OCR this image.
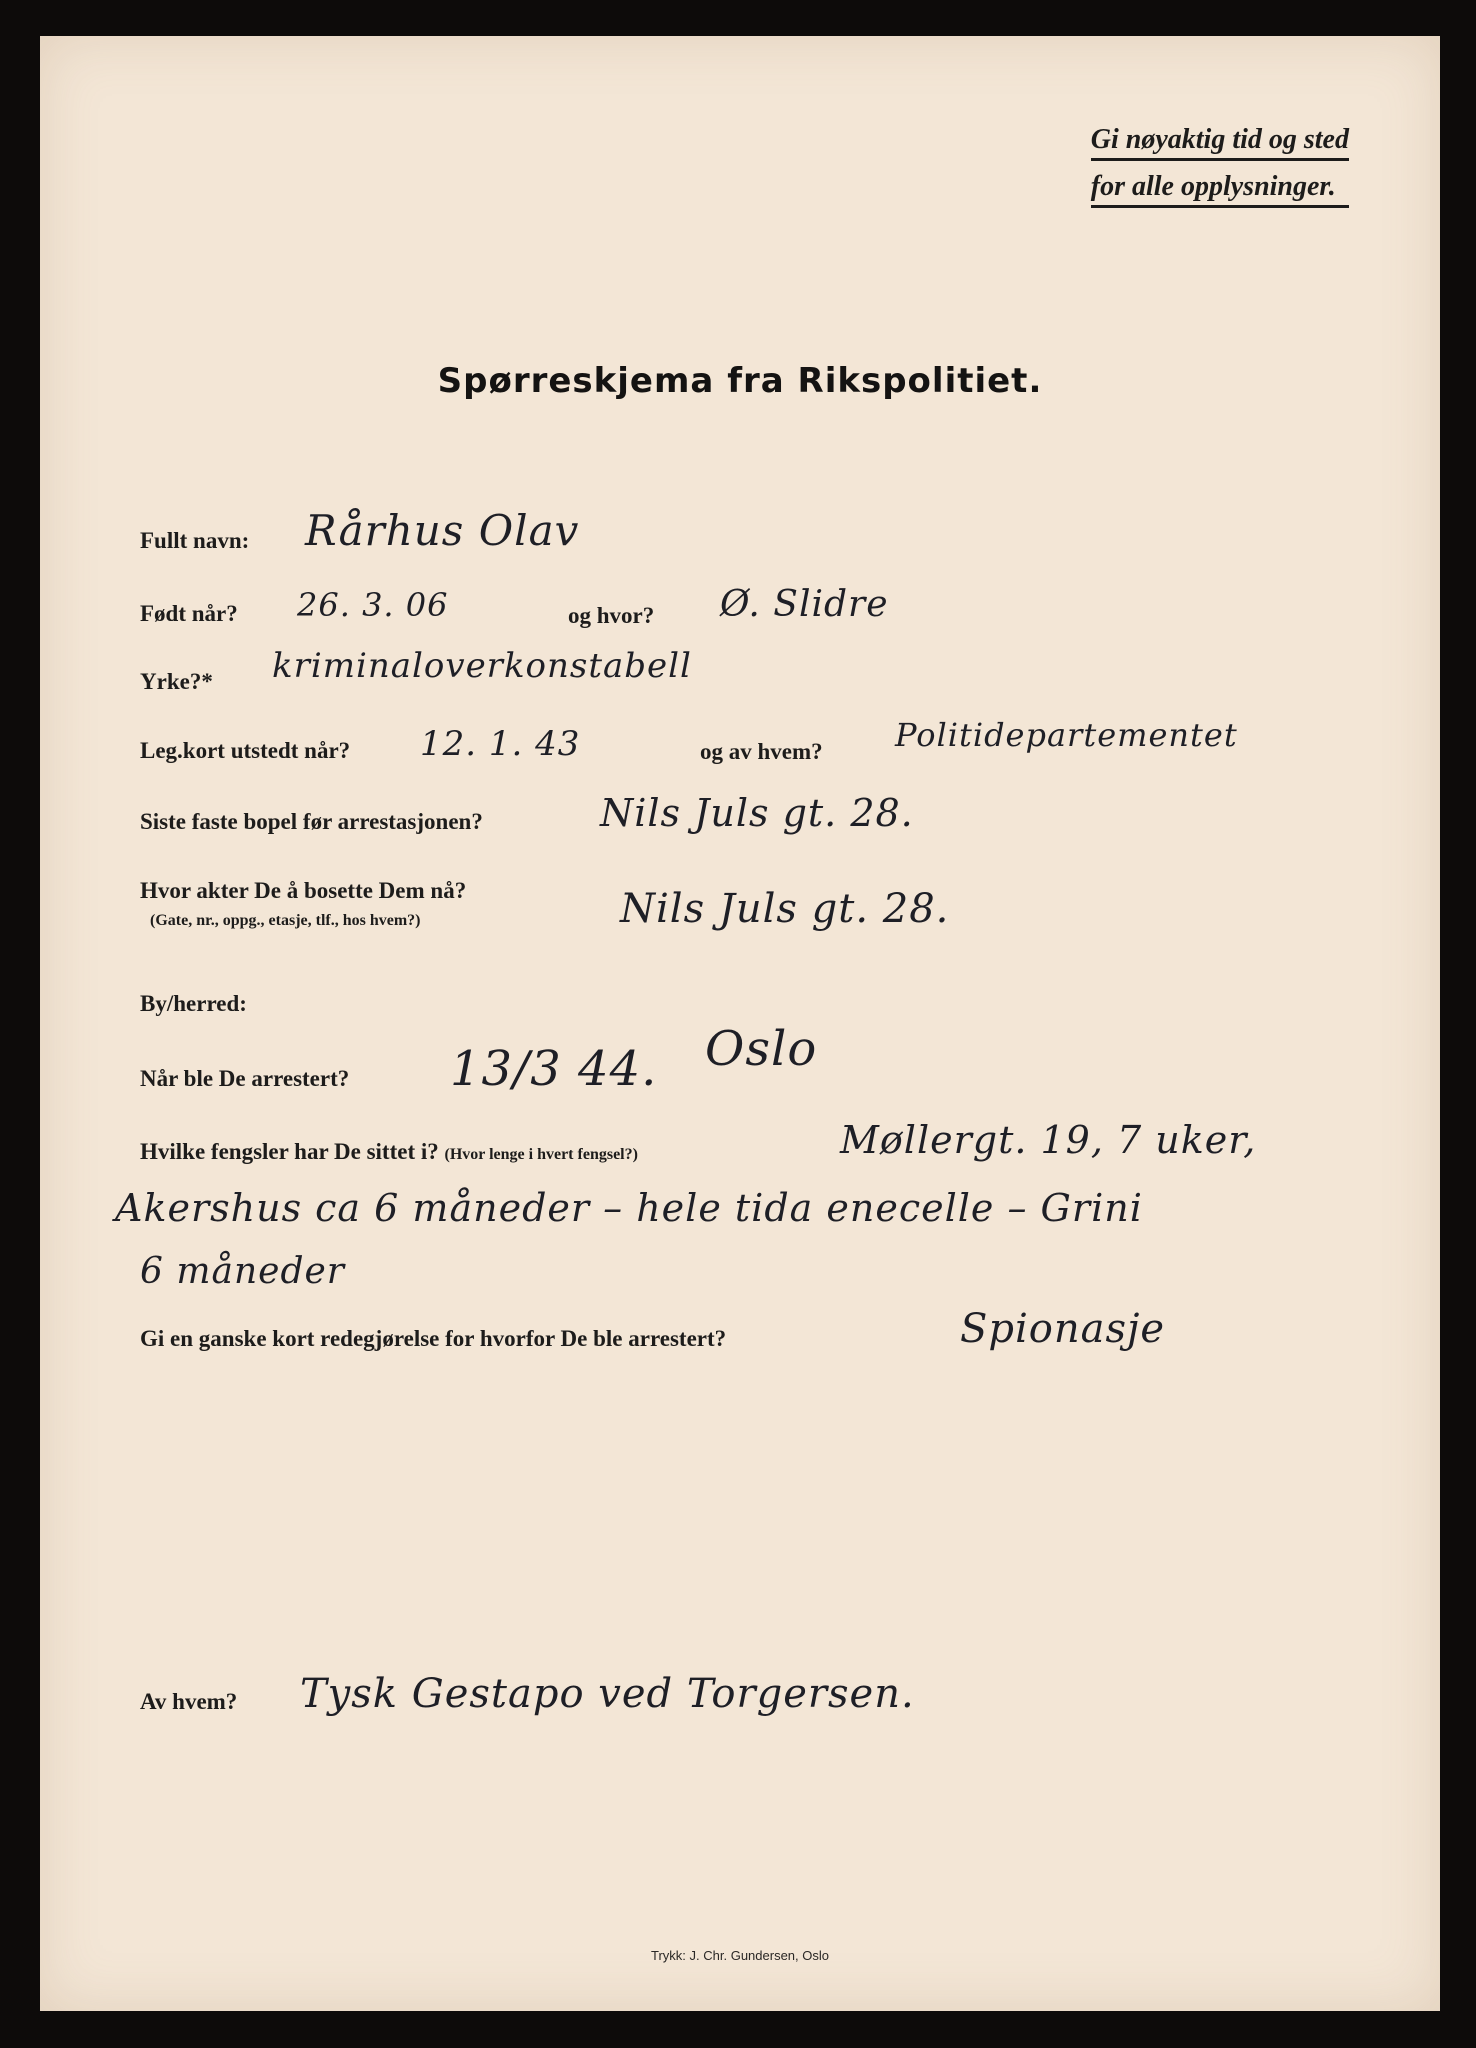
Gi nøyaktig tid og sted
for alle opplysninger.
Spørreskjema fra Rikspolitiet.
Fullt navn: Rårhus Olav
Født når? 26. 3. 06	og hvor? Ø. Slidre
Yrke?* kriminaloverkonstabell
Leg.kort utstedt når? 12. 1. 43	og av hvem? Politidepartementet
Siste faste bopel før arrestasjonen?	Nils Juls gt. 28.
Hvor akter De å bosette Dem nå?
(Gate, nr., oppg., etasje, tlf., hos hvem?)	Nils Juls gt. 28.
By/herred:
Oslo
Når ble De arrestert? 13/3 44.
Hvilke fengsler har De sittet i? (Hvor lenge i hvert fengsel?)	Møllergt. 19, 7 uker,
Akershus ca 6 måneder – hele tida enecelle – Grini
6 måneder
Gi en ganske kort redegjørelse for hvorfor De ble arrestert?	Spionasje
Av hvem? Tysk Gestapo ved Torgersen.
Trykk: J. Chr. Gundersen, Oslo
